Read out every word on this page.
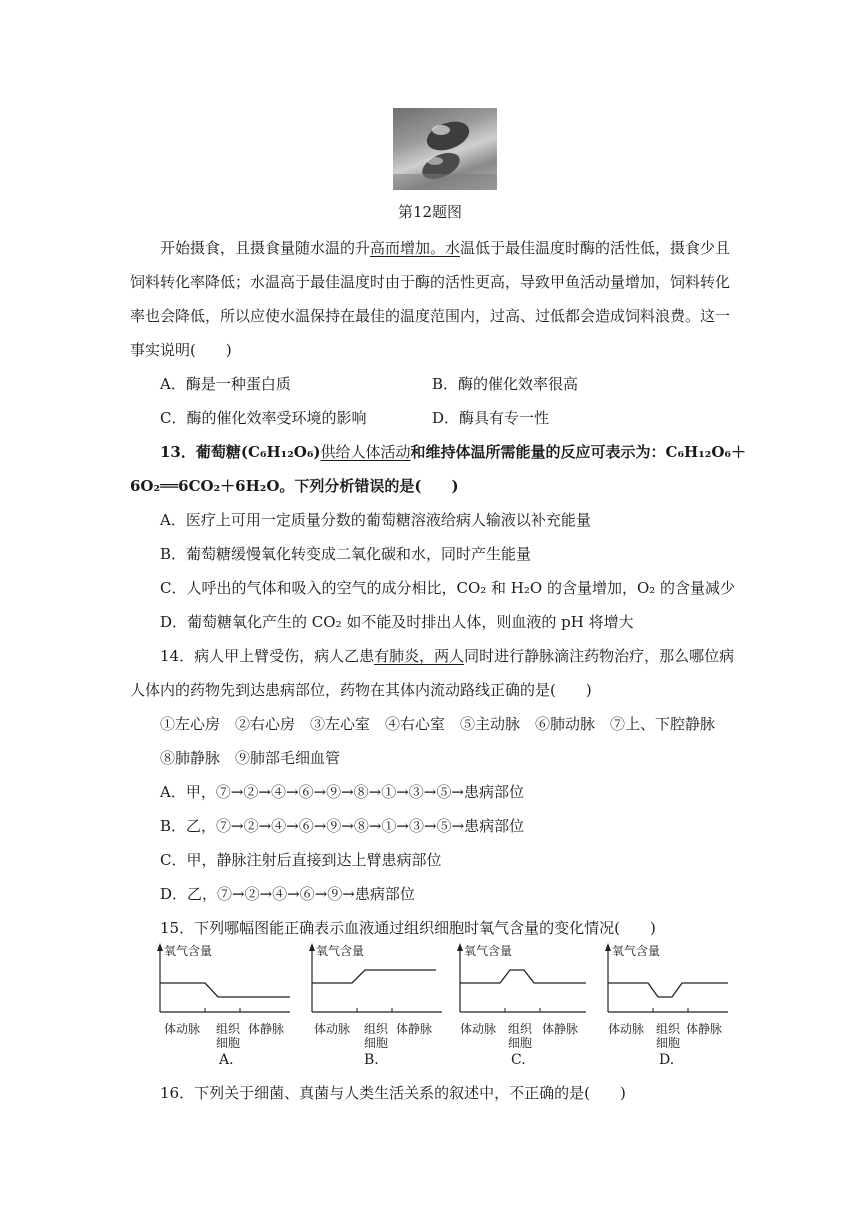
第12题图
开始摄食，且摄食量随水温的升高而增加。水温低于最佳温度时酶的活性低，摄食少且
饲料转化率降低；水温高于最佳温度时由于酶的活性更高，导致甲鱼活动量增加，饲料转化
率也会降低，所以应使水温保持在最佳的温度范围内，过高、过低都会造成饲料浪费。这一
事实说明(　　)
A．酶是一种蛋白质	B．酶的催化效率很高
C．酶的催化效率受环境的影响	D．酶具有专一性
13．葡萄糖(C₆H₁₂O₆)供给人体活动和维持体温所需能量的反应可表示为：C₆H₁₂O₆＋
6O₂══6CO₂＋6H₂O。下列分析错误的是(　　)
A．医疗上可用一定质量分数的葡萄糖溶液给病人输液以补充能量
B．葡萄糖缓慢氧化转变成二氧化碳和水，同时产生能量
C．人呼出的气体和吸入的空气的成分相比，CO₂ 和 H₂O 的含量增加，O₂ 的含量减少
D．葡萄糖氧化产生的 CO₂ 如不能及时排出人体，则血液的 pH 将增大
14．病人甲上臂受伤，病人乙患有肺炎，两人同时进行静脉滴注药物治疗，那么哪位病
人体内的药物先到达患病部位，药物在其体内流动路线正确的是(　　)
①左心房　②右心房　③左心室　④右心室　⑤主动脉　⑥肺动脉　⑦上、下腔静脉
⑧肺静脉　⑨肺部毛细血管
A．甲，⑦→②→④→⑥→⑨→⑧→①→③→⑤→患病部位
B．乙，⑦→②→④→⑥→⑨→⑧→①→③→⑤→患病部位
C．甲，静脉注射后直接到达上臂患病部位
D．乙，⑦→②→④→⑥→⑨→患病部位
15．下列哪幅图能正确表示血液通过组织细胞时氧气含量的变化情况(　　)
氧气含量
体动脉 组织
细胞
体静脉
A.
氧气含量
体动脉 组织
细胞
体静脉
B.
体动脉
氧气含量
组织
细胞
体静脉
C.
氧气含量
体动脉 组织
细胞
体静脉
D.
16．下列关于细菌、真菌与人类生活关系的叙述中，不正确的是(　　)
